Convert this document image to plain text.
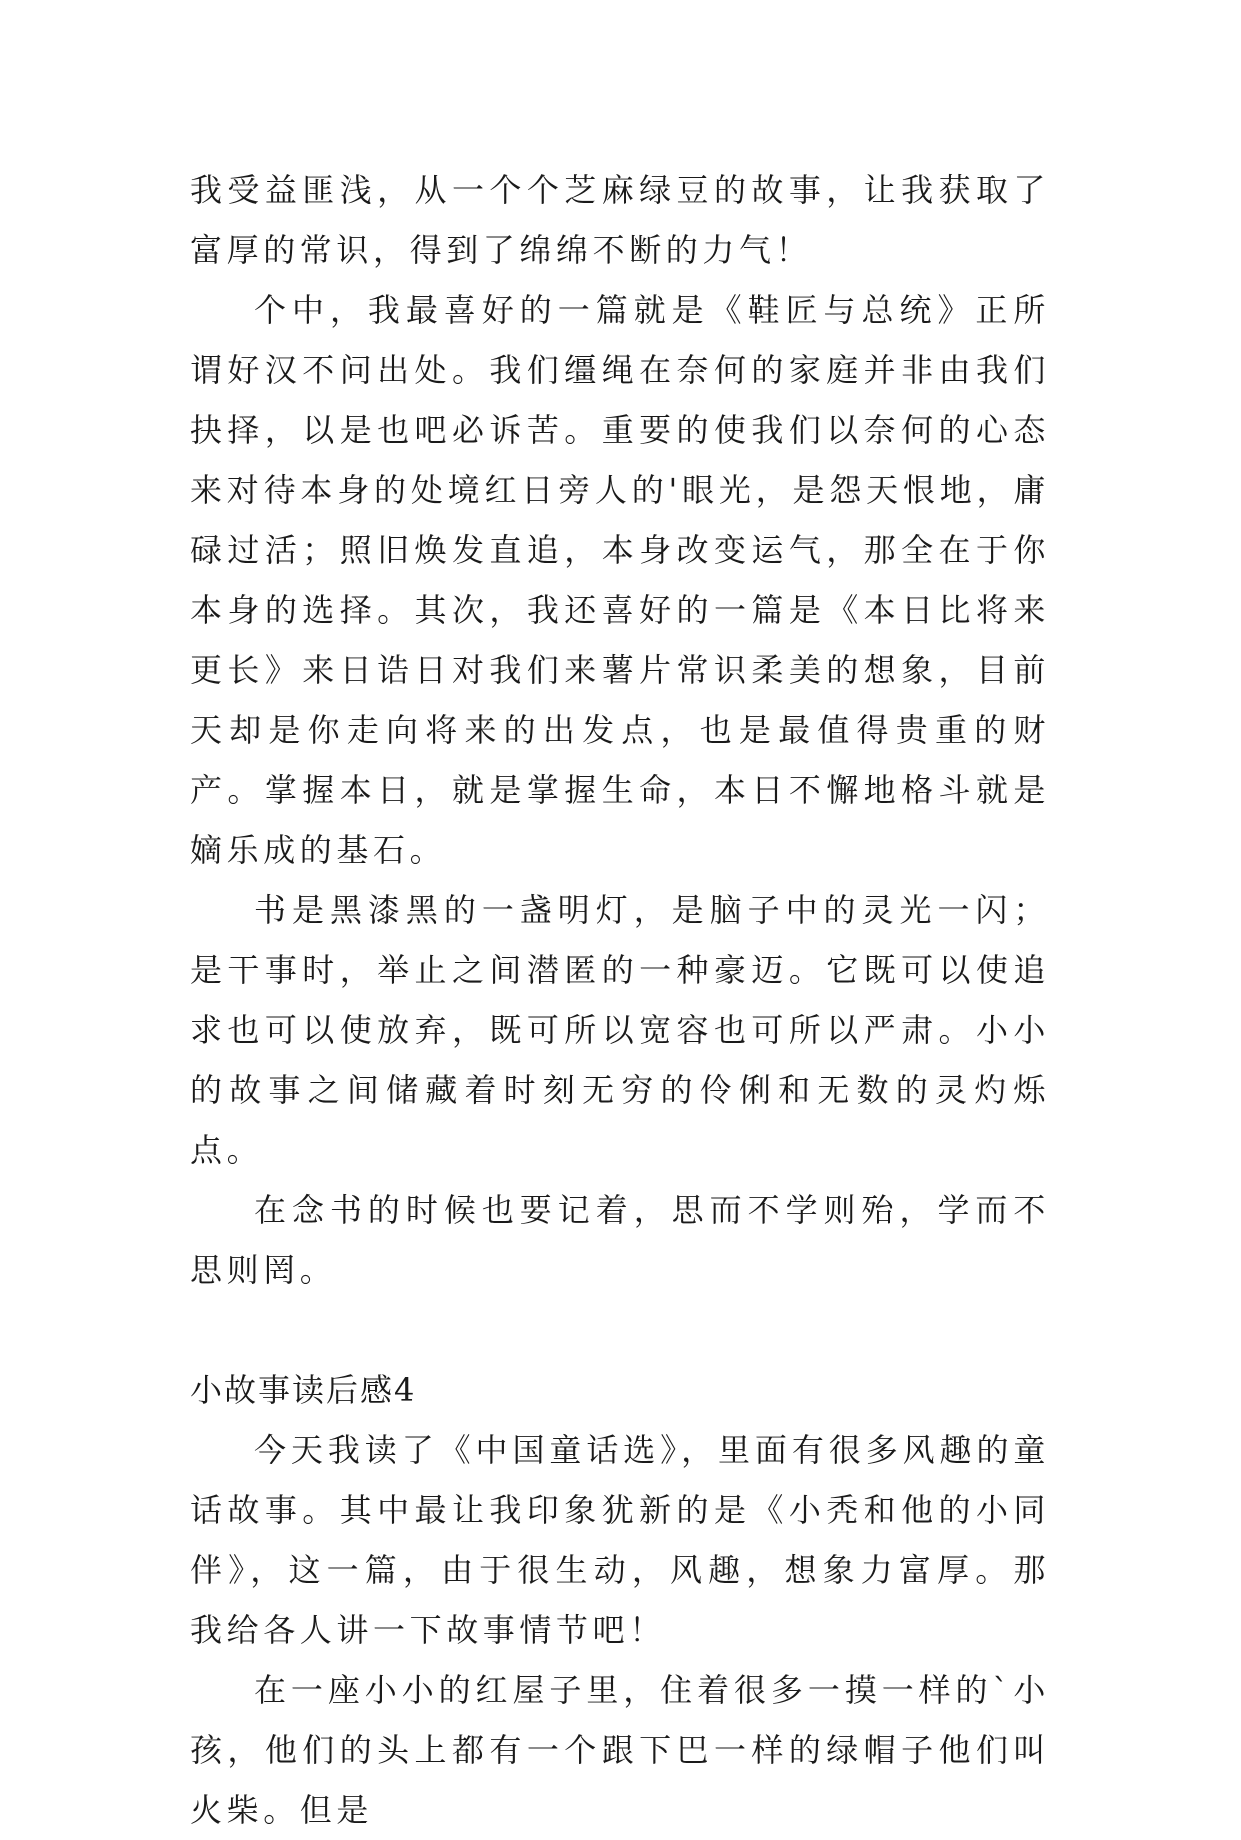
我受益匪浅，从一个个芝麻绿豆的故事，让我获取了富厚的常识，得到了绵绵不断的力气！

个中，我最喜好的一篇就是《鞋匠与总统》正所谓好汉不问出处。我们缰绳在奈何的家庭并非由我们抉择，以是也吧必诉苦。重要的使我们以奈何的心态来对待本身的处境红日旁人的'眼光，是怨天恨地，庸碌过活；照旧焕发直追，本身改变运气，那全在于你本身的选择。其次，我还喜好的一篇是《本日比将来更长》来日诰日对我们来薯片常识柔美的想象，目前天却是你走向将来的出发点，也是最值得贵重的财产。掌握本日，就是掌握生命，本日不懈地格斗就是嫡乐成的基石。

书是黑漆黑的一盏明灯，是脑子中的灵光一闪；是干事时，举止之间潜匿的一种豪迈。它既可以使追求也可以使放弃，既可所以宽容也可所以严肃。小小的故事之间储藏着时刻无穷的伶俐和无数的灵灼烁点。

在念书的时候也要记着，思而不学则殆，学而不思则罔。

小故事读后感4

今天我读了《中国童话选》，里面有很多风趣的童话故事。其中最让我印象犹新的是《小秃和他的小同伴》，这一篇，由于很生动，风趣，想象力富厚。那我给各人讲一下故事情节吧！

在一座小小的红屋子里，住着很多一摸一样的`小孩，他们的头上都有一个跟下巴一样的绿帽子他们叫火柴。但是
